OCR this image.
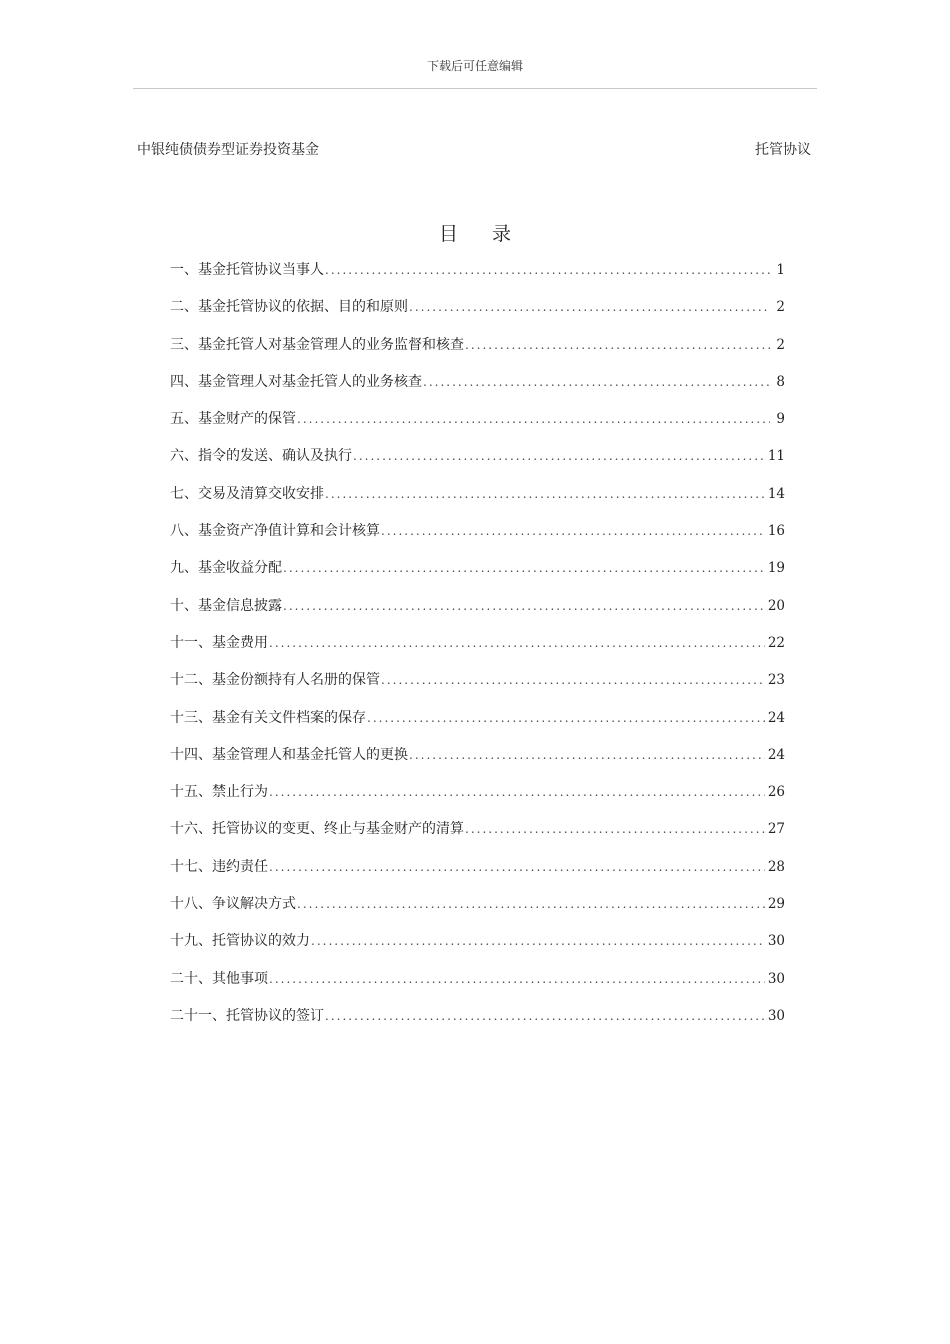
下载后可任意编辑
中银纯债债券型证券投资基金	托管协议
目录
一、基金托管协议当事人 .....	1
二、基金托管协议的依据、目的和原则 .....	2
三、基金托管人对基金管理人的业务监督和核查 .....	2
四、基金管理人对基金托管人的业务核查 .....	8
五、基金财产的保管 .....	9
六、指令的发送、确认及执行 .....	11
七、交易及清算交收安排 .....	14
八、基金资产净值计算和会计核算 .....	16
九、基金收益分配 .....	19
十、基金信息披露 .....	20
十一、基金费用 .....	22
十二、基金份额持有人名册的保管 .....	23
十三、基金有关文件档案的保存 .....	24
十四、基金管理人和基金托管人的更换 .....	24
十五、禁止行为 .....	26
十六、托管协议的变更、终止与基金财产的清算 .....	27
十七、违约责任 .....	28
十八、争议解决方式 .....	29
十九、托管协议的效力 .....	30
二十、其他事项 .....	30
二十一、托管协议的签订 .....	30
